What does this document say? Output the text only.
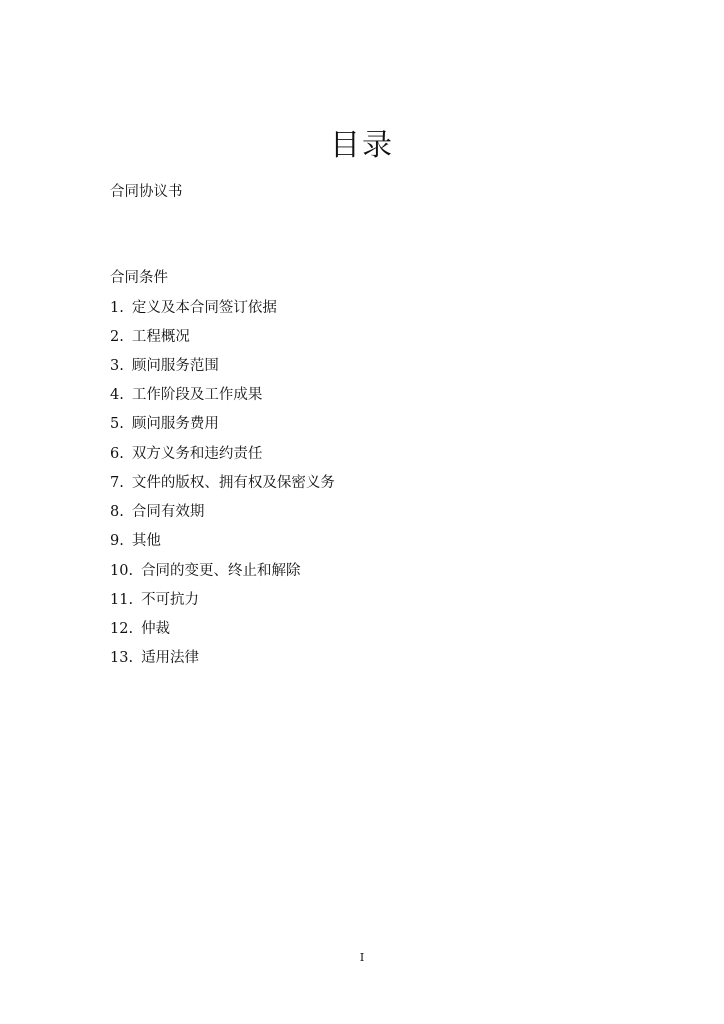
目录
合同协议书
合同条件
1. 定义及本合同签订依据
2. 工程概况
3. 顾问服务范围
4. 工作阶段及工作成果
5. 顾问服务费用
6. 双方义务和违约责任
7. 文件的版权、拥有权及保密义务
8. 合同有效期
9. 其他
10. 合同的变更、终止和解除
11. 不可抗力
12. 仲裁
13. 适用法律
I
